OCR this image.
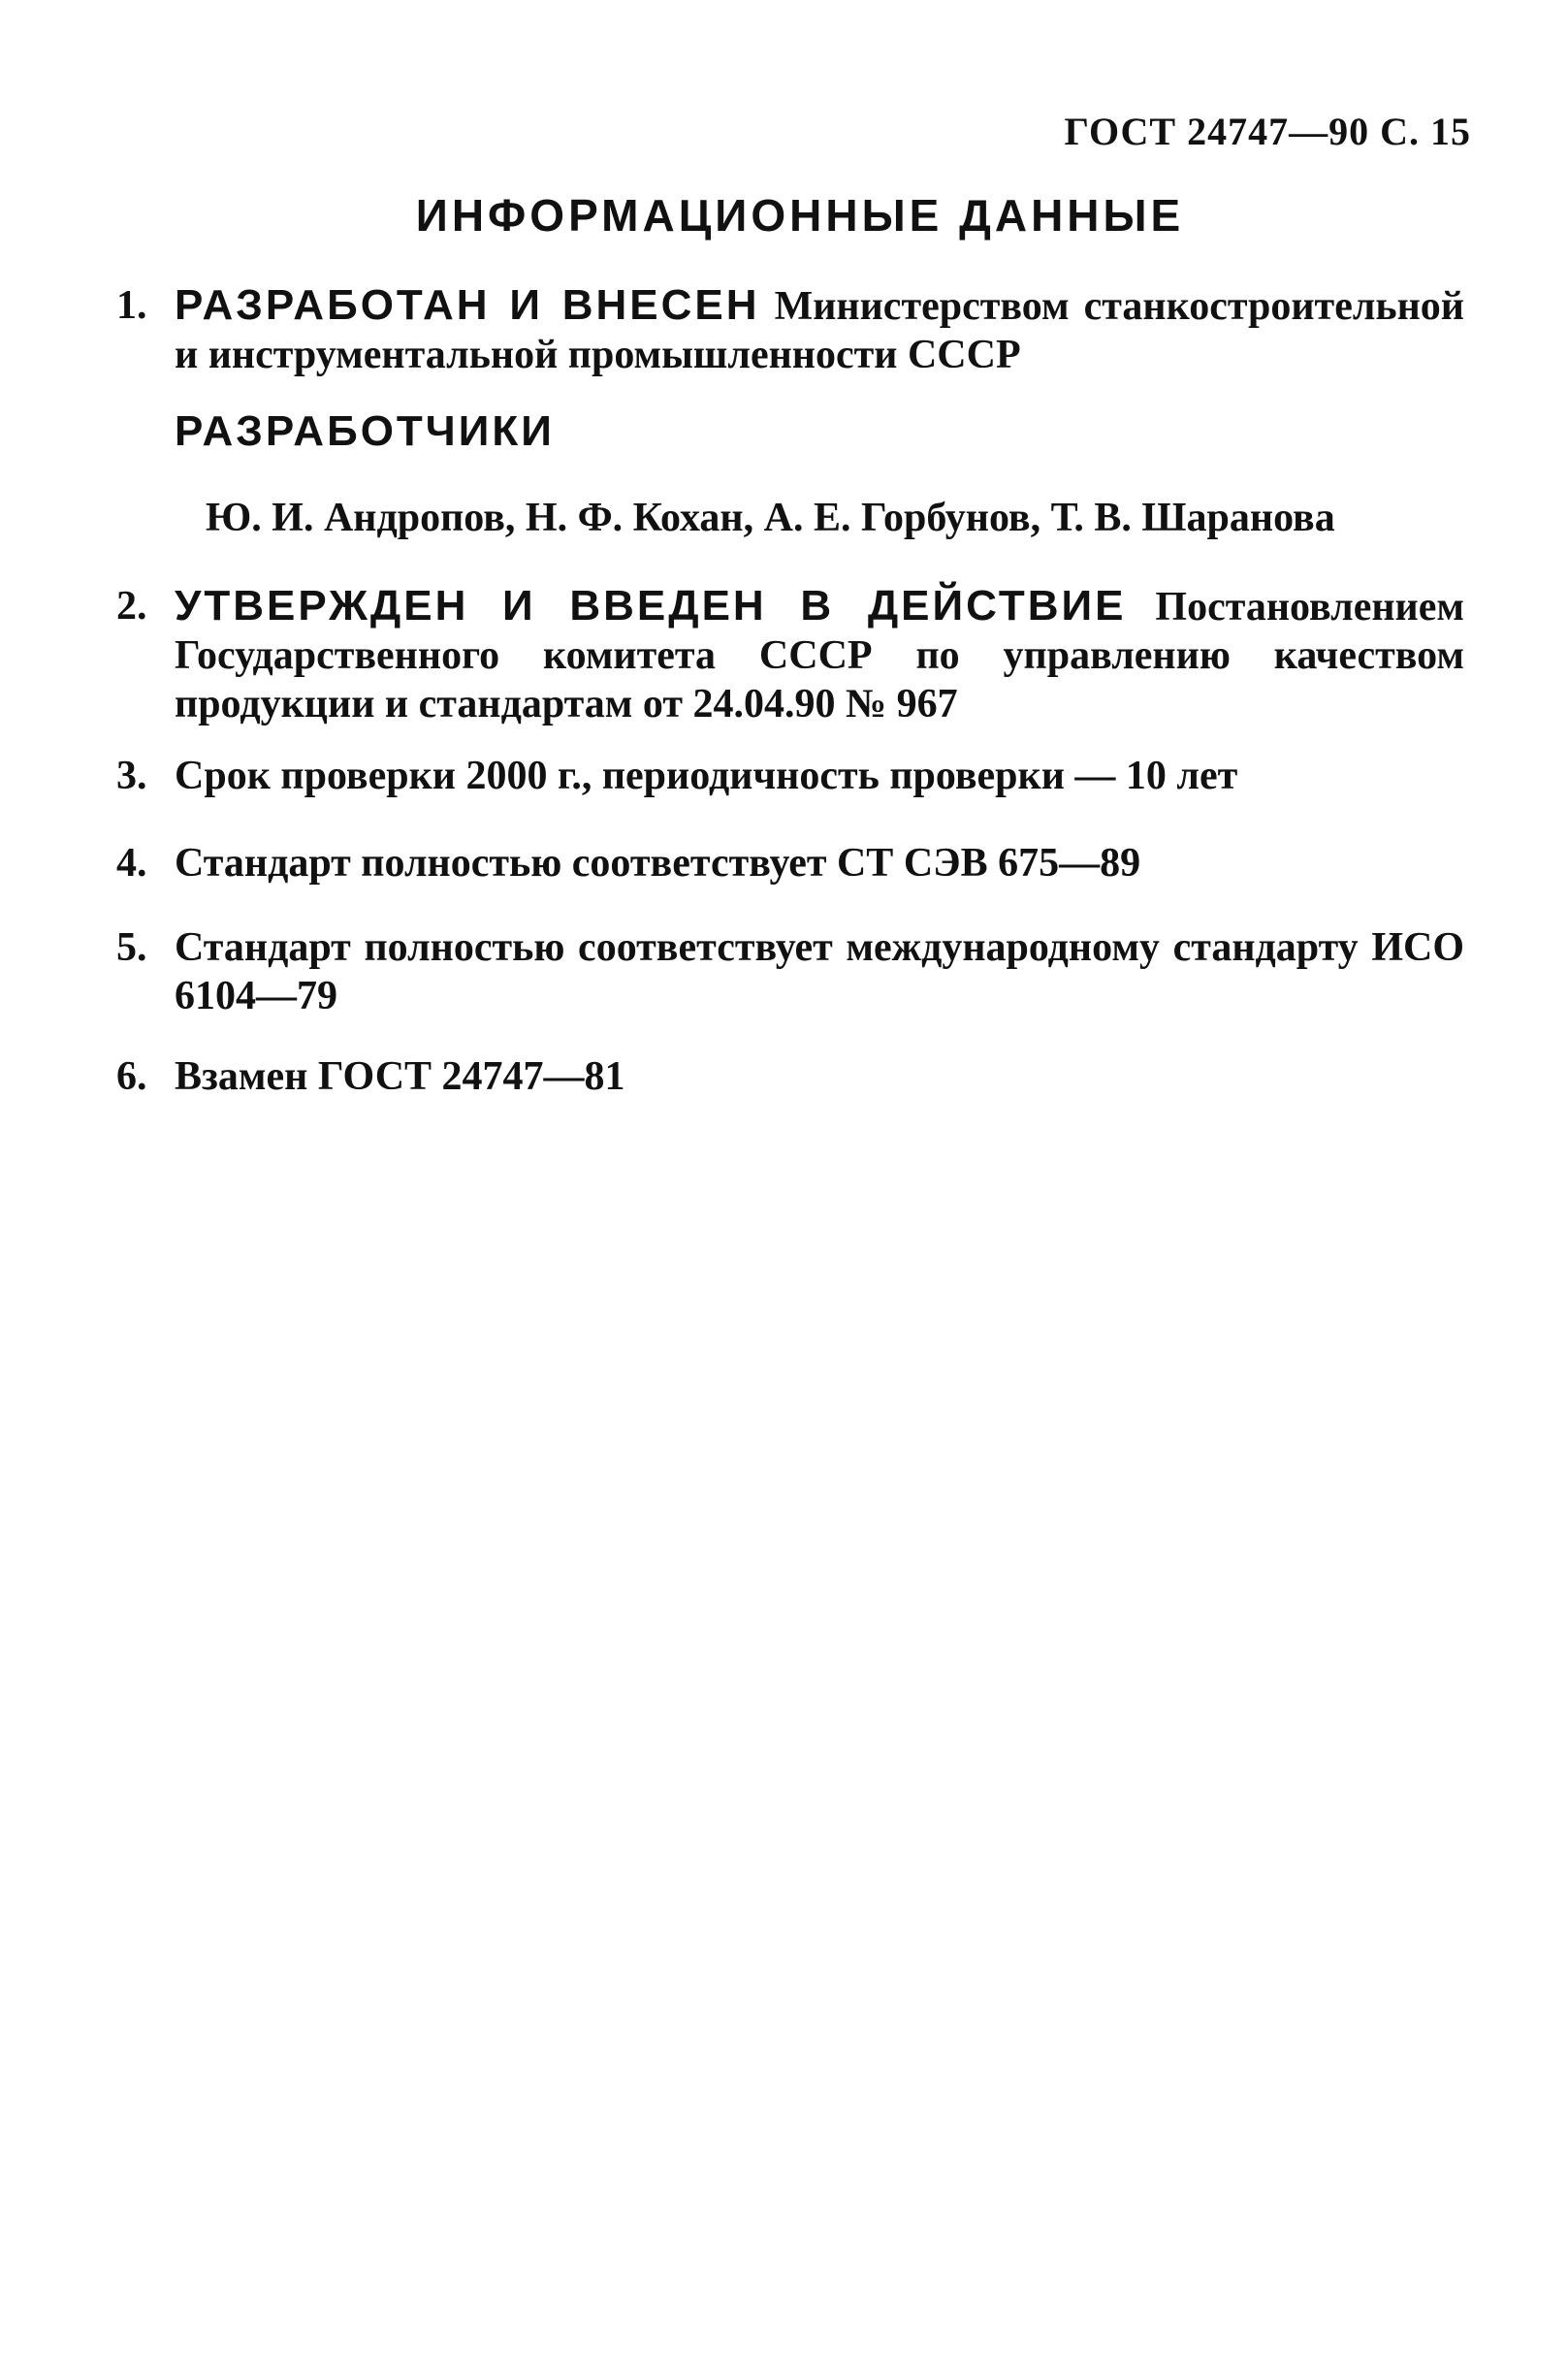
ГОСТ 24747—90 С. 15
ИНФОРМАЦИОННЫЕ ДАННЫЕ
1. РАЗРАБОТАН И ВНЕСЕН Министерством станкостроительной и инструментальной промышленности СССР
РАЗРАБОТЧИКИ
Ю. И. Андропов, Н. Ф. Кохан, А. Е. Горбунов, Т. В. Шаранова
2. УТВЕРЖДЕН И ВВЕДЕН В ДЕЙСТВИЕ Постановлением Государственного комитета СССР по управлению качеством продукции и стандартам от 24.04.90 № 967
3. Срок проверки 2000 г., периодичность проверки — 10 лет
4. Стандарт полностью соответствует СТ СЭВ 675—89
5. Стандарт полностью соответствует международному стандарту ИСО 6104—79
6. Взамен ГОСТ 24747—81
